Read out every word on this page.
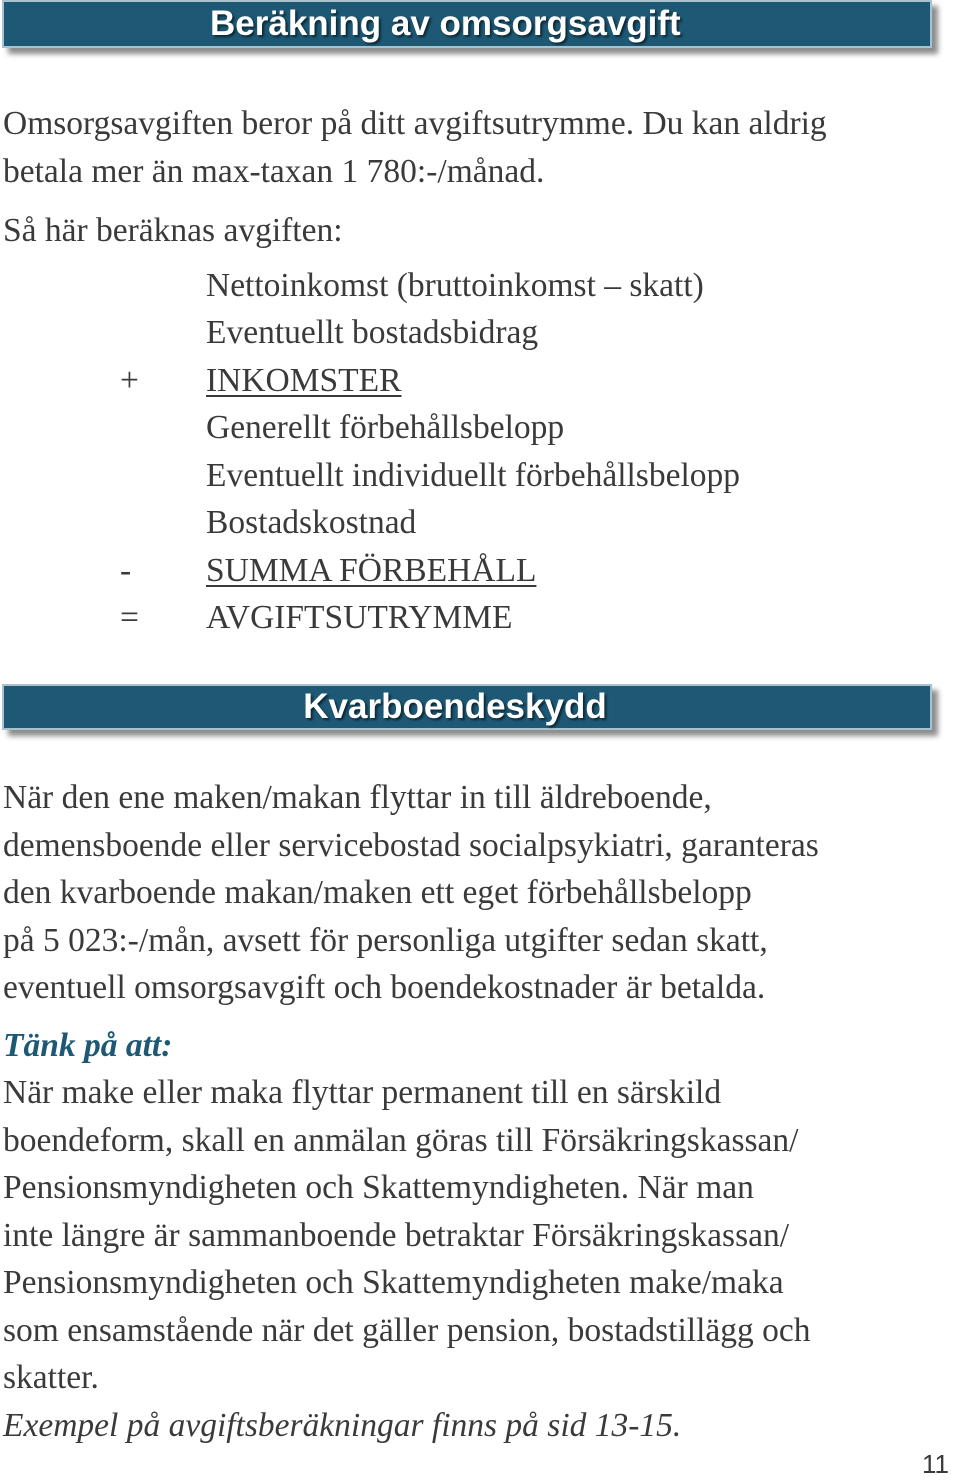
Beräkning av omsorgsavgift

Omsorgsavgiften beror på ditt avgiftsutrymme. Du kan aldrig
betala mer än max-taxan 1 780:-/månad.

Så här beräknas avgiften:

Nettoinkomst (bruttoinkomst – skatt)
Eventuellt bostadsbidrag
+	INKOMSTER
Generellt förbehållsbelopp
Eventuellt individuellt förbehållsbelopp
Bostadskostnad
-	SUMMA FÖRBEHÅLL
=	AVGIFTSUTRYMME
Kvarboendeskydd

När den ene maken/makan flyttar in till äldreboende,
demensboende eller servicebostad socialpsykiatri, garanteras
den kvarboende makan/maken ett eget förbehållsbelopp
på 5 023:-/mån, avsett för personliga utgifter sedan skatt,
eventuell omsorgsavgift och boendekostnader är betalda.

Tänk på att:

När make eller maka flyttar permanent till en särskild
boendeform, skall en anmälan göras till Försäkringskassan/
Pensionsmyndigheten och Skattemyndigheten. När man
inte längre är sammanboende betraktar Försäkringskassan/
Pensionsmyndigheten och Skattemyndigheten make/maka
som ensamstående när det gäller pension, bostadstillägg och
skatter.

Exempel på avgiftsberäkningar finns på sid 13-15.
11
